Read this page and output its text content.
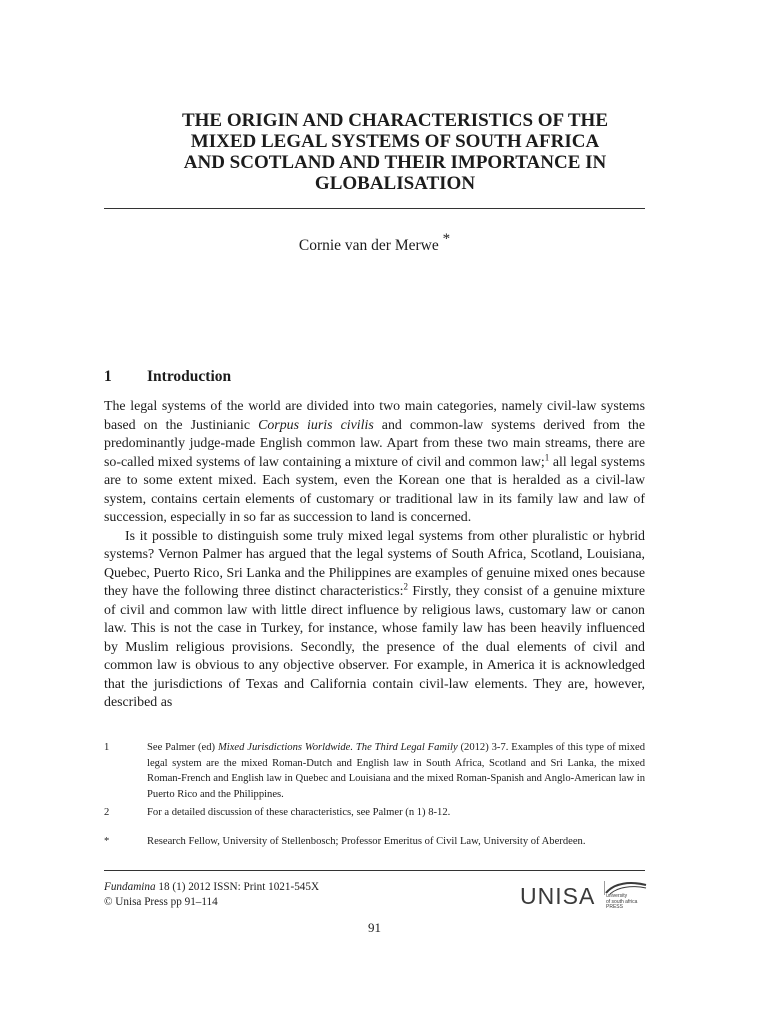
THE ORIGIN AND CHARACTERISTICS OF THE
MIXED LEGAL SYSTEMS OF SOUTH AFRICA
AND SCOTLAND AND THEIR IMPORTANCE IN
GLOBALISATION
Cornie van der Merwe *
1 Introduction

The legal systems of the world are divided into two main categories, namely civil-law systems based on the Justinianic Corpus iuris civilis and common-law systems derived from the predominantly judge-made English common law. Apart from these two main streams, there are so-called mixed systems of law containing a mixture of civil and common law;$^1$ all legal systems are to some extent mixed. Each system, even the Korean one that is heralded as a civil-law system, contains certain elements of customary or traditional law in its family law and law of succession, especially in so far as succession to land is concerned.

Is it possible to distinguish some truly mixed legal systems from other pluralistic or hybrid systems? Vernon Palmer has argued that the legal systems of South Africa, Scotland, Louisiana, Quebec, Puerto Rico, Sri Lanka and the Philippines are examples of genuine mixed ones because they have the following three distinct characteristics:$^2$ Firstly, they consist of a genuine mixture of civil and common law with little direct influence by religious laws, customary law or canon law. This is not the case in Turkey, for instance, whose family law has been heavily influenced by Muslim religious provisions. Secondly, the presence of the dual elements of civil and common law is obvious to any objective observer. For example, in America it is acknowledged that the jurisdictions of Texas and California contain civil-law elements. They are, however, described as

1	See Palmer (ed) Mixed Jurisdictions Worldwide. The Third Legal Family (2012) 3-7. Examples of this type of mixed legal system are the mixed Roman-Dutch and English law in South Africa, Scotland and Sri Lanka, the mixed Roman-French and English law in Quebec and Louisiana and the mixed Roman-Spanish and Anglo-American law in Puerto Rico and the Philippines.
2	For a detailed discussion of these characteristics, see Palmer (n 1) 8-12.
*	Research Fellow, University of Stellenbosch; Professor Emeritus of Civil Law, University of Aberdeen.
Fundamina 18 (1) 2012 ISSN: Print 1021-545X
© Unisa Press pp 91–114	UNISA university
of south africa
PRESS
91
